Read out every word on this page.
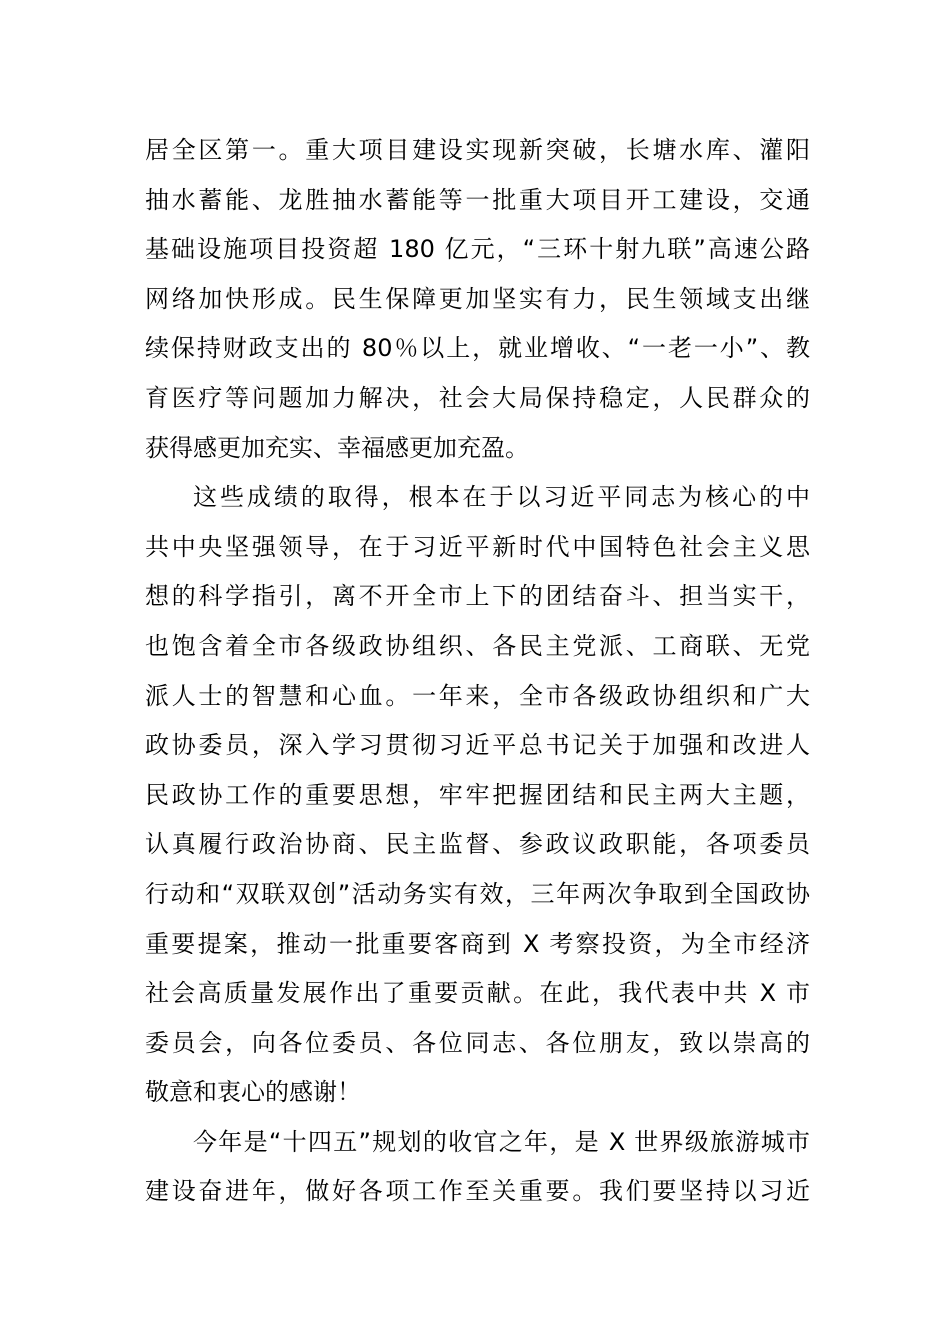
居全区第一。重大项目建设实现新突破，长塘水库、灌阳
抽水蓄能、龙胜抽水蓄能等一批重大项目开工建设，交通
基础设施项目投资超 180 亿元，“三环十射九联”高速公路
网络加快形成。民生保障更加坚实有力，民生领域支出继
续保持财政支出的 80％以上，就业增收、“一老一小”、教
育医疗等问题加力解决，社会大局保持稳定，人民群众的
获得感更加充实、幸福感更加充盈。
这些成绩的取得，根本在于以习近平同志为核心的中
共中央坚强领导，在于习近平新时代中国特色社会主义思
想的科学指引，离不开全市上下的团结奋斗、担当实干，
也饱含着全市各级政协组织、各民主党派、工商联、无党
派人士的智慧和心血。一年来，全市各级政协组织和广大
政协委员，深入学习贯彻习近平总书记关于加强和改进人
民政协工作的重要思想，牢牢把握团结和民主两大主题，
认真履行政治协商、民主监督、参政议政职能，各项委员
行动和“双联双创”活动务实有效，三年两次争取到全国政协
重要提案，推动一批重要客商到 X 考察投资，为全市经济
社会高质量发展作出了重要贡献。在此，我代表中共 X 市
委员会，向各位委员、各位同志、各位朋友，致以崇高的
敬意和衷心的感谢！
今年是“十四五”规划的收官之年，是 X 世界级旅游城市
建设奋进年，做好各项工作至关重要。我们要坚持以习近
